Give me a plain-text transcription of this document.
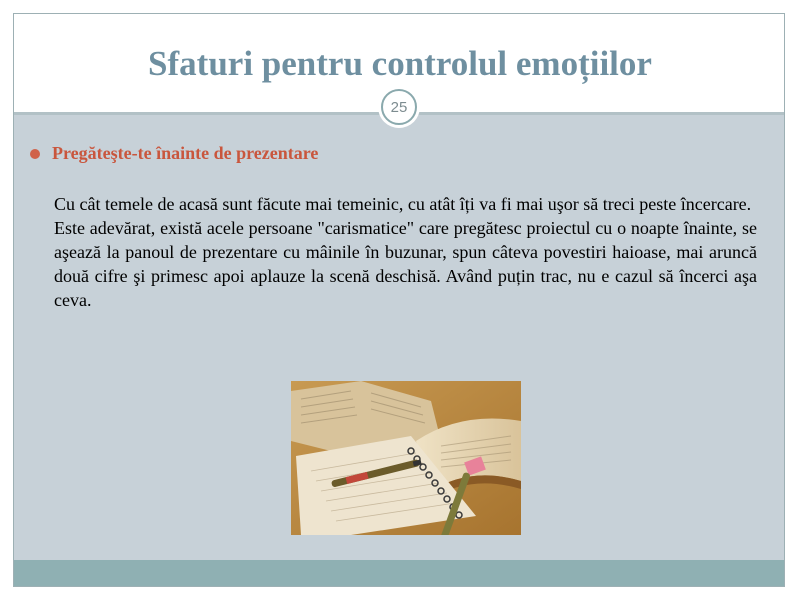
Sfaturi pentru controlul emoțiilor
25
Pregăteşte-te înainte de prezentare

Cu cât temele de acasă sunt făcute mai temeinic, cu atât îți va fi mai uşor să treci peste încercare.

Este adevărat, există acele persoane "carismatice" care pregătesc proiectul cu o noapte înainte, se aşează la panoul de prezentare cu mâinile în buzunar, spun câteva povestiri haioase, mai aruncă două cifre şi primesc apoi aplauze la scenă deschisă. Având puțin trac, nu e cazul să încerci aşa ceva.
